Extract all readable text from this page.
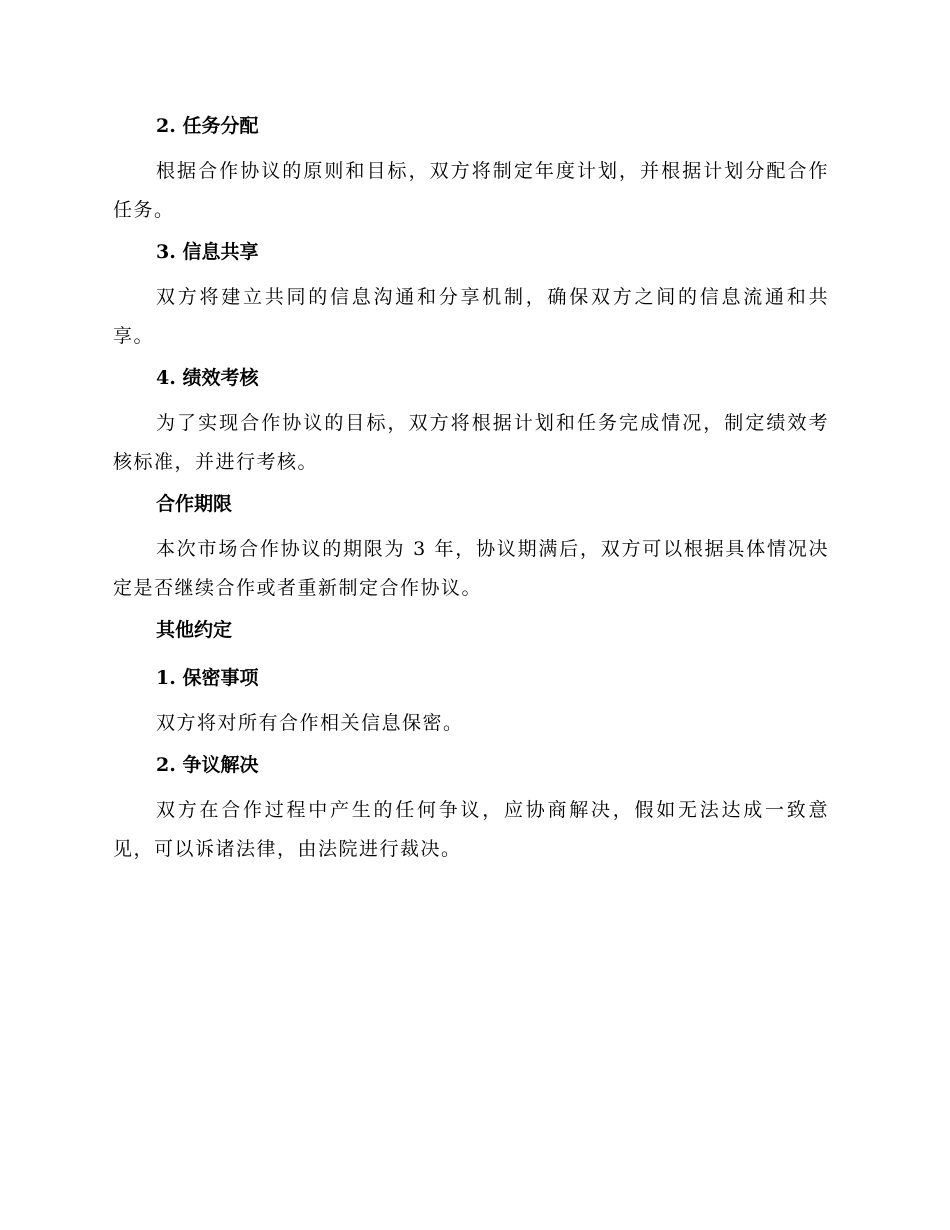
2. 任务分配

根据合作协议的原则和目标，双方将制定年度计划，并根据计划分配合作任务。

3. 信息共享

双方将建立共同的信息沟通和分享机制，确保双方之间的信息流通和共享。

4. 绩效考核

为了实现合作协议的目标，双方将根据计划和任务完成情况，制定绩效考核标准，并进行考核。

合作期限

本次市场合作协议的期限为 3 年，协议期满后，双方可以根据具体情况决定是否继续合作或者重新制定合作协议。

其他约定

1. 保密事项

双方将对所有合作相关信息保密。

2. 争议解决

双方在合作过程中产生的任何争议，应协商解决，假如无法达成一致意见，可以诉诸法律，由法院进行裁决。
